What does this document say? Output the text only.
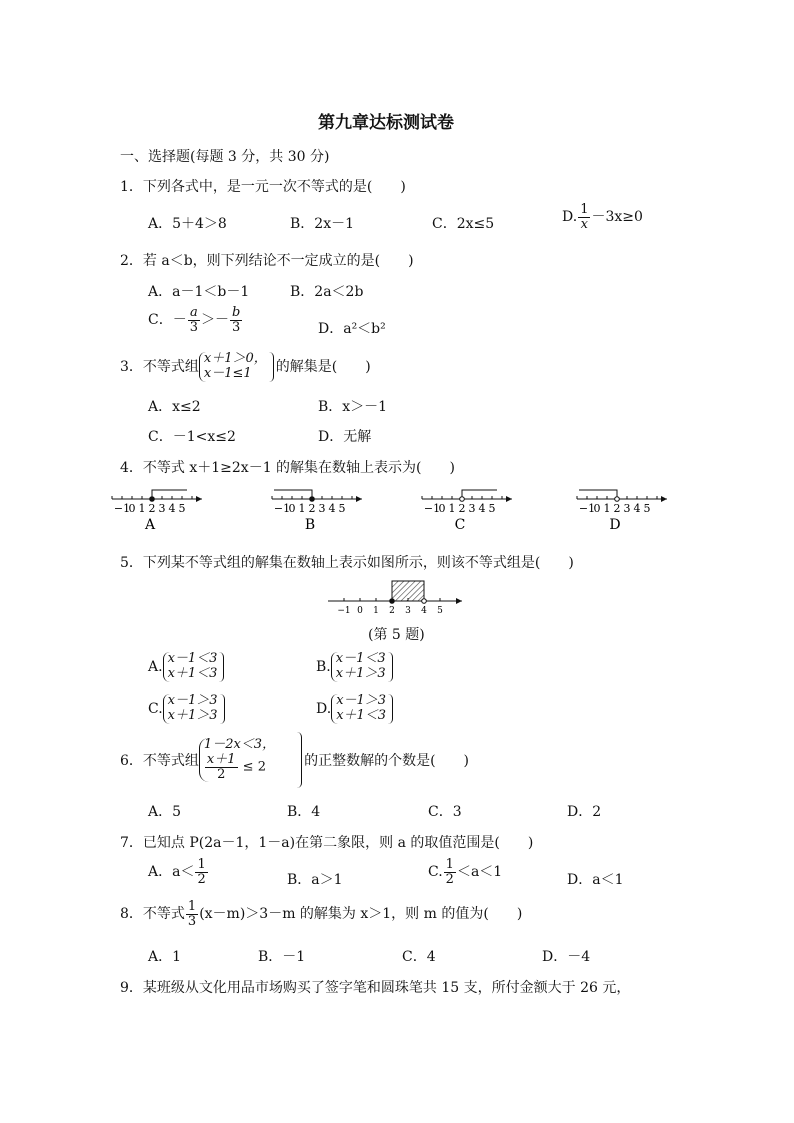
第九章达标测试卷
一、选择题(每题 3 分，共 30 分)
1．下列各式中，是一元一次不等式的是(　　)
A．5＋4＞8	B．2x－1	C．2x≤5	D. $\frac{1}{x} -3x\ge 0$
2．若 a＜b，则下列结论不一定成立的是(　　)
A．a－1＜b－1	B．2a＜2b
C．－ $\frac{a}{3} >- \frac{b}{3}$	D．a²＜b²
3．不等式组
x＋1＞0，
x－1≤1	的解集是(　　)
A．x≤2	B．x＞－1
C．－1<x≤2	D．无解
4．不等式 x＋1≥2x－1 的解集在数轴上表示为(　　)
−1
0 1 2 3 4 5
A
−1
0 1 2 3 4 5
B
−1
0 1 2 3 4 5
C
−1
0 1 2 3 4 5
D
5．下列某不等式组的解集在数轴上表示如图所示，则该不等式组是(　　)
−1 0 1 2 3 4 5
(第 5 题)
A.
x－1＜3
x＋1＜3	B.
x－1＜3
x＋1＞3
C.
x－1＞3
x＋1＞3	D.
x－1＞3
x＋1＜3
6．不等式组
1－2x＜3，
$\frac{x+1}{2} \le 2$	的正整数解的个数是(　　)
A．5	B．4	C．3	D．2
7．已知点 P(2a－1，1－a)在第二象限，则 a 的取值范围是(　　)
A．$a< \frac{1}{2}$	B．a＞1	C. $\frac{1}{2} <a<1$	D．a＜1
8．不等式 $\frac{1}{3} (x-m)>3-m$ 的解集为 x＞1，则 m 的值为(　　)
A．1	B．－1	C．4	D．－4
9．某班级从文化用品市场购买了签字笔和圆珠笔共 15 支，所付金额大于 26 元，
